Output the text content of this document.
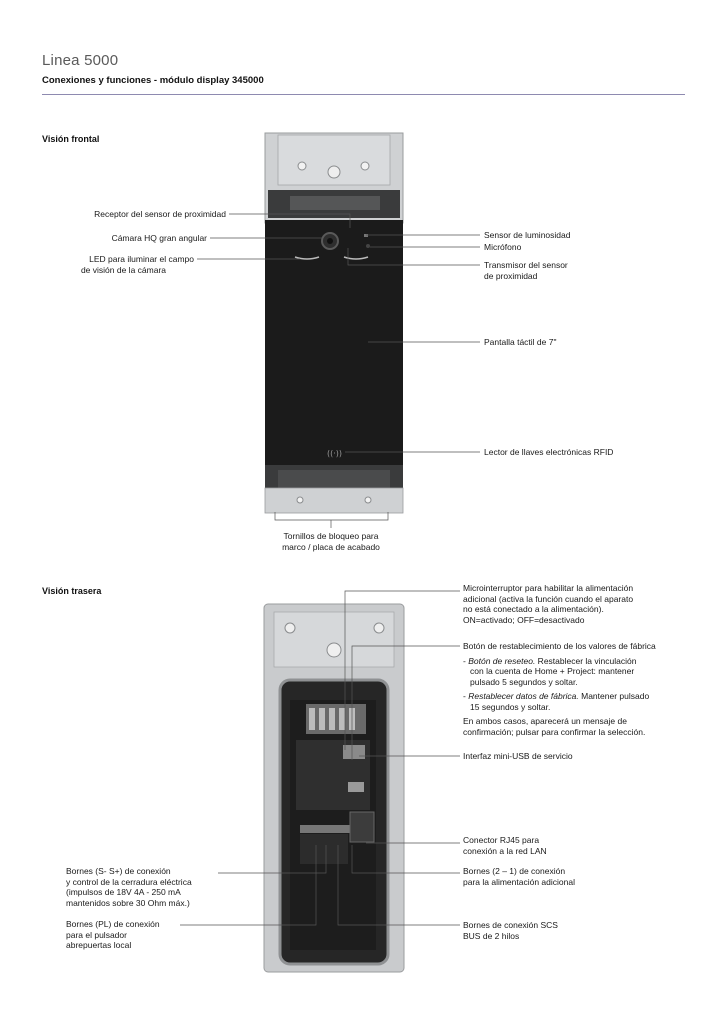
Linea 5000
Conexiones y funciones - módulo display 345000
Visión frontal
Visión trasera
((·))
Receptor del sensor de proximidad
Cámara HQ gran angular
LED para iluminar el campo
de visión de la cámara
Sensor de luminosidad
Micrófono
Transmisor del sensor
de proximidad
Pantalla táctil de 7"
Lector de llaves electrónicas RFID
Tornillos de bloqueo para
marco / placa de acabado
Microinterruptor para habilitar la alimentación
adicional (activa la función cuando el aparato
no está conectado a la alimentación).
ON=activado; OFF=desactivado
Botón de restablecimiento de los valores de fábrica
- Botón de reseteo. Restablecer la vinculación
con la cuenta de Home + Project: mantener
pulsado 5 segundos y soltar.
- Restablecer datos de fábrica. Mantener pulsado
15 segundos y soltar.
En ambos casos, aparecerá un mensaje de
confirmación; pulsar para confirmar la selección.
Interfaz mini-USB de servicio
Conector RJ45 para
conexión a la red LAN
Bornes (2 – 1) de conexión
para la alimentación adicional
Bornes de conexión SCS
BUS de 2 hilos
Bornes (S- S+) de conexión
y control de la cerradura eléctrica
(impulsos de 18V 4A - 250 mA
mantenidos sobre 30 Ohm máx.)
Bornes (PL) de conexión
para el pulsador
abrepuertas local
